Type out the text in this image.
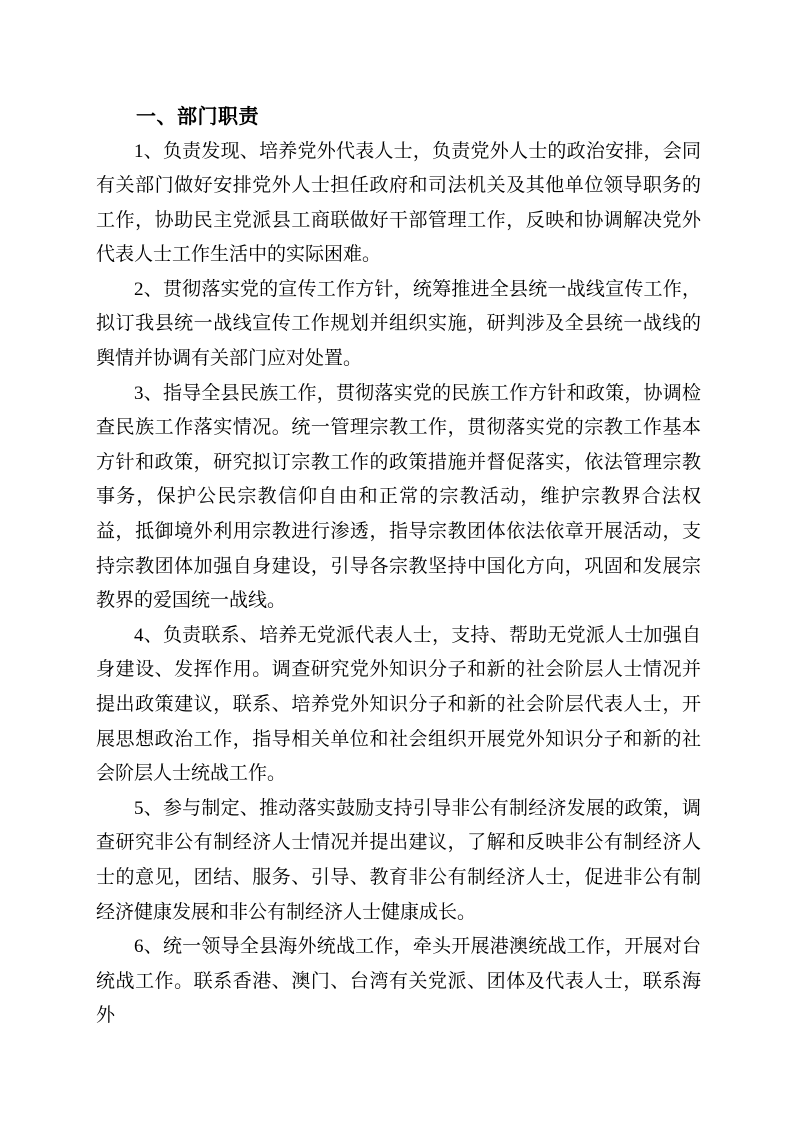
一、部门职责

1、负责发现、培养党外代表人士，负责党外人士的政治安排，会同有关部门做好安排党外人士担任政府和司法机关及其他单位领导职务的工作，协助民主党派县工商联做好干部管理工作，反映和协调解决党外代表人士工作生活中的实际困难。

2、贯彻落实党的宣传工作方针，统筹推进全县统一战线宣传工作，拟订我县统一战线宣传工作规划并组织实施，研判涉及全县统一战线的舆情并协调有关部门应对处置。

3、指导全县民族工作，贯彻落实党的民族工作方针和政策，协调检查民族工作落实情况。统一管理宗教工作，贯彻落实党的宗教工作基本方针和政策，研究拟订宗教工作的政策措施并督促落实，依法管理宗教事务，保护公民宗教信仰自由和正常的宗教活动，维护宗教界合法权益，抵御境外利用宗教进行渗透，指导宗教团体依法依章开展活动，支持宗教团体加强自身建设，引导各宗教坚持中国化方向，巩固和发展宗教界的爱国统一战线。

4、负责联系、培养无党派代表人士，支持、帮助无党派人士加强自身建设、发挥作用。调查研究党外知识分子和新的社会阶层人士情况并提出政策建议，联系、培养党外知识分子和新的社会阶层代表人士，开展思想政治工作，指导相关单位和社会组织开展党外知识分子和新的社会阶层人士统战工作。

5、参与制定、推动落实鼓励支持引导非公有制经济发展的政策，调查研究非公有制经济人士情况并提出建议，了解和反映非公有制经济人士的意见，团结、服务、引导、教育非公有制经济人士，促进非公有制经济健康发展和非公有制经济人士健康成长。

6、统一领导全县海外统战工作，牵头开展港澳统战工作，开展对台统战工作。联系香港、澳门、台湾有关党派、团体及代表人士，联系海外
